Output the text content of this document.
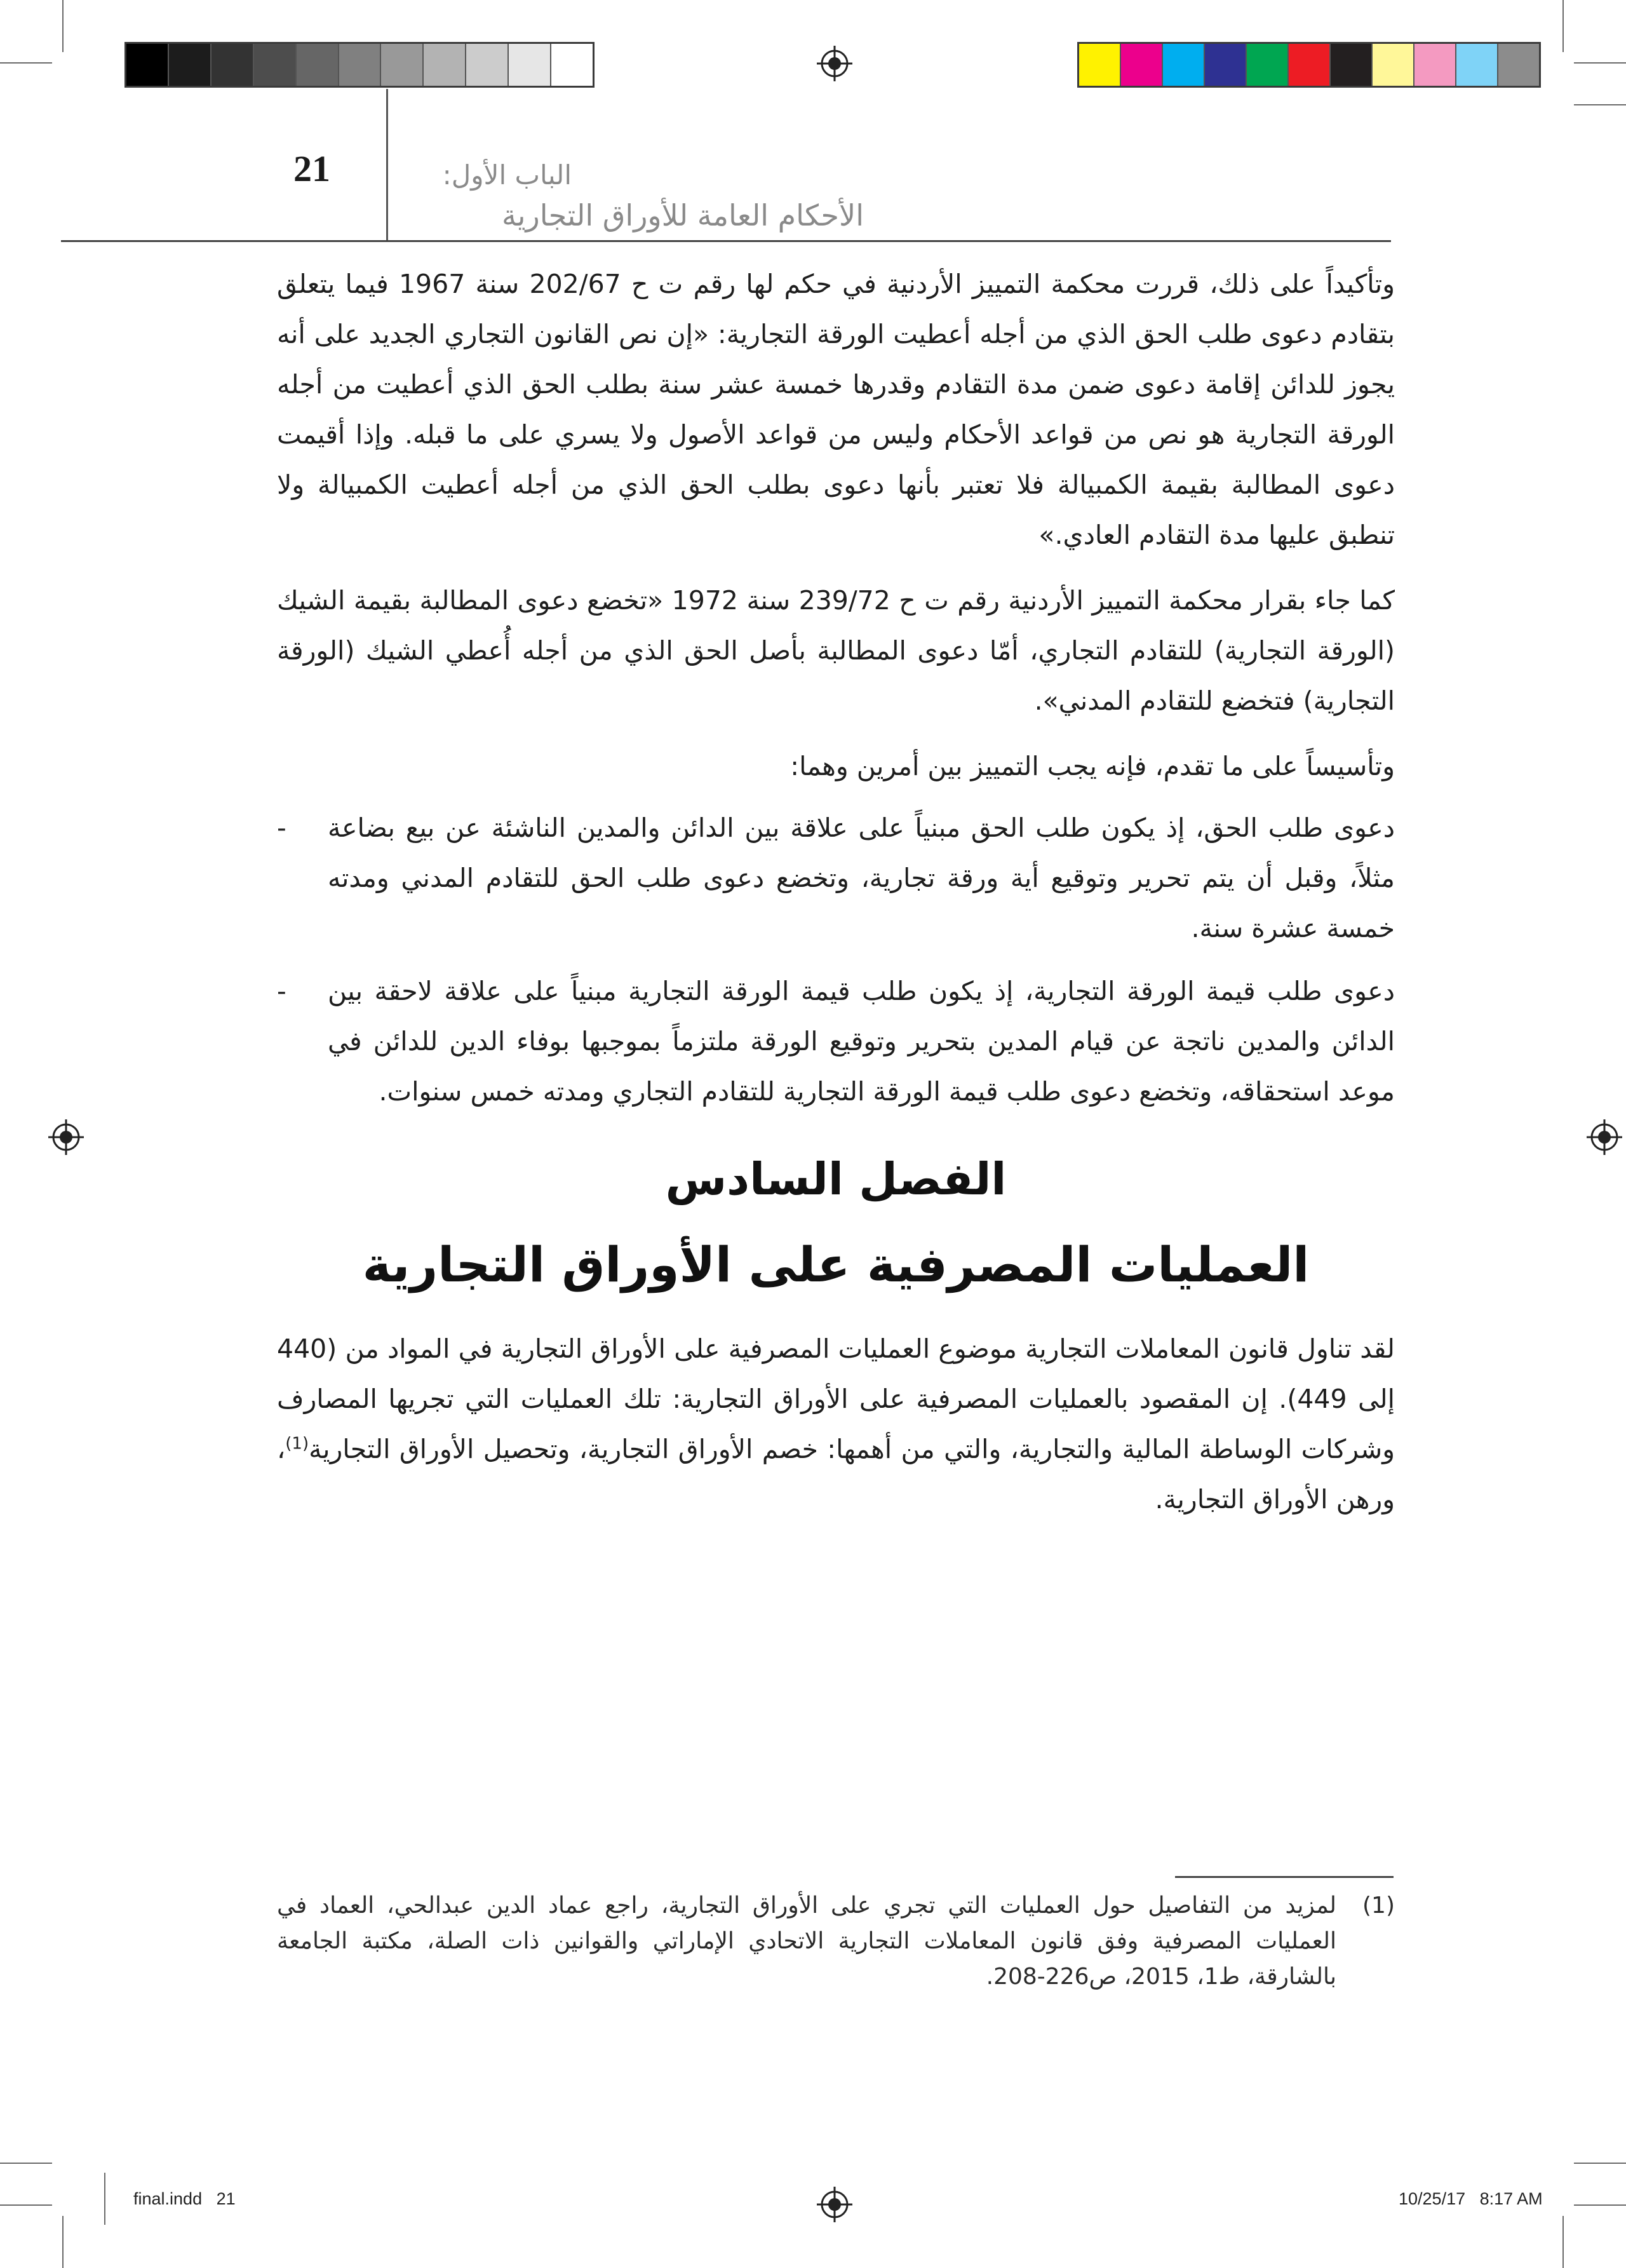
21	الباب الأول:
الأحكام العامة للأوراق التجارية

وتأكيداً على ذلك، قررت محكمة التمييز الأردنية في حكم لها رقم ت ح 202/67 سنة 1967 فيما يتعلق بتقادم دعوى طلب الحق الذي من أجله أعطيت الورقة التجارية: «إن نص القانون التجاري الجديد على أنه يجوز للدائن إقامة دعوى ضمن مدة التقادم وقدرها خمسة عشر سنة بطلب الحق الذي أعطيت من أجله الورقة التجارية هو نص من قواعد الأحكام وليس من قواعد الأصول ولا يسري على ما قبله. وإذا أقيمت دعوى المطالبة بقيمة الكمبيالة فلا تعتبر بأنها دعوى بطلب الحق الذي من أجله أعطيت الكمبيالة ولا تنطبق عليها مدة التقادم العادي.»

كما جاء بقرار محكمة التمييز الأردنية رقم ت ح 239/72 سنة 1972 «تخضع دعوى المطالبة بقيمة الشيك (الورقة التجارية) للتقادم التجاري، أمّا دعوى المطالبة بأصل الحق الذي من أجله أُعطي الشيك (الورقة التجارية) فتخضع للتقادم المدني».

وتأسيساً على ما تقدم، فإنه يجب التمييز بين أمرين وهما:

- دعوى طلب الحق، إذ يكون طلب الحق مبنياً على علاقة بين الدائن والمدين الناشئة عن بيع بضاعة مثلاً، وقبل أن يتم تحرير وتوقيع أية ورقة تجارية، وتخضع دعوى طلب الحق للتقادم المدني ومدته خمسة عشرة سنة.
- دعوى طلب قيمة الورقة التجارية، إذ يكون طلب قيمة الورقة التجارية مبنياً على علاقة لاحقة بين الدائن والمدين ناتجة عن قيام المدين بتحرير وتوقيع الورقة ملتزماً بموجبها بوفاء الدين للدائن في موعد استحقاقه، وتخضع دعوى طلب قيمة الورقة التجارية للتقادم التجاري ومدته خمس سنوات.
الفصل السادس
العمليات المصرفية على الأوراق التجارية

لقد تناول قانون المعاملات التجارية موضوع العمليات المصرفية على الأوراق التجارية في المواد من (440 إلى 449). إن المقصود بالعمليات المصرفية على الأوراق التجارية: تلك العمليات التي تجريها المصارف وشركات الوساطة المالية والتجارية، والتي من أهمها: خصم الأوراق التجارية، وتحصيل الأوراق التجارية$^{(1)}$، ورهن الأوراق التجارية.

(1)
لمزيد من التفاصيل حول العمليات التي تجري على الأوراق التجارية، راجع عماد الدين عبدالحي، العماد في العمليات المصرفية وفق قانون المعاملات التجارية الاتحادي الإماراتي والقوانين ذات الصلة، مكتبة الجامعة بالشارقة، ط1، 2015، ص226-208.
final.indd   21	10/25/17   8:17 AM
